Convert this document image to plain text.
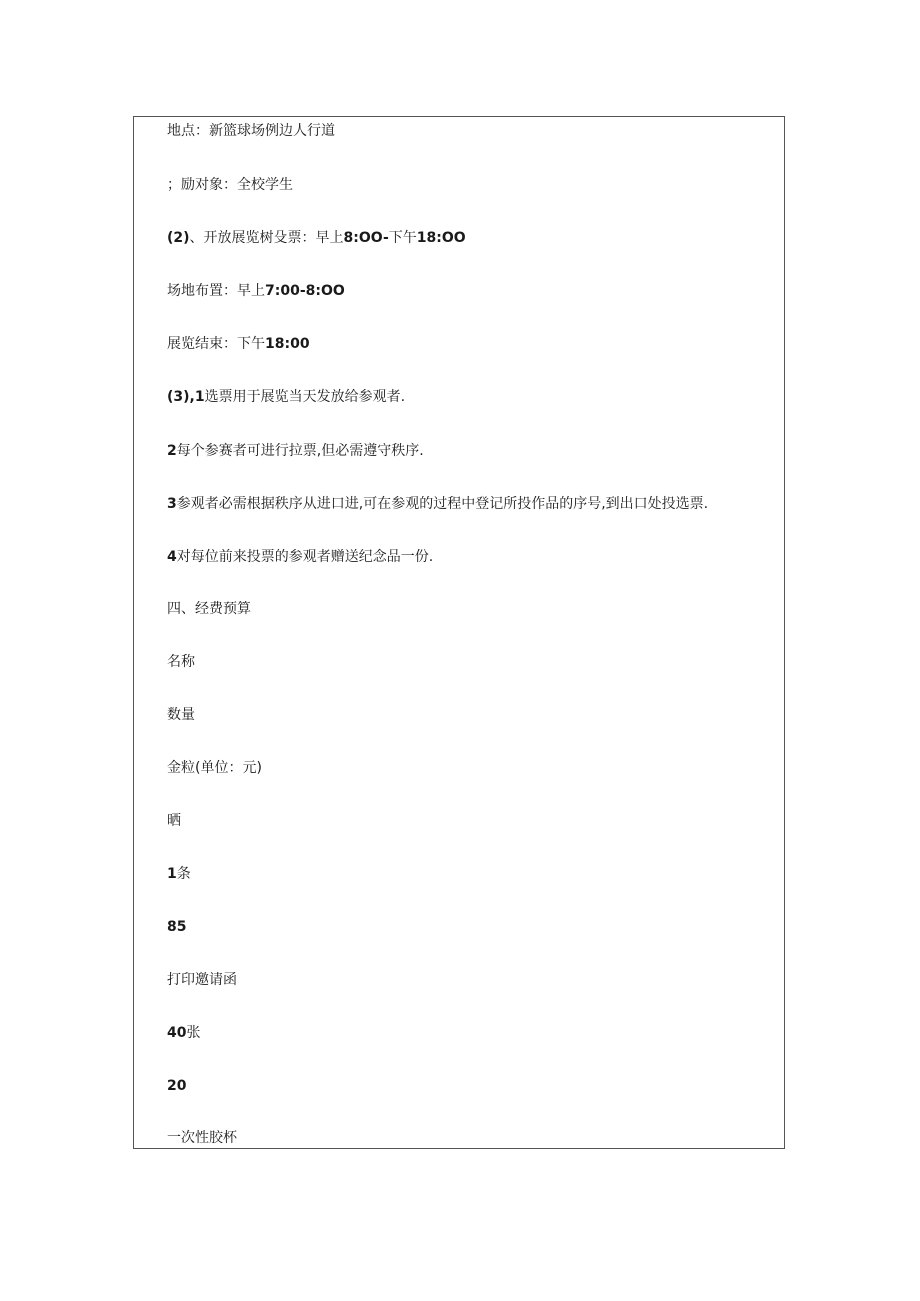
地点：新篮球场例边人行道
；励对象：全校学生
(2)、开放展览树殳票：早上8:OO-下午18:OO
场地布置：早上7:00-8:OO
展览结束：下午18:00
(3),1选票用于展览当天发放给参观者.
2每个参赛者可进行拉票,但必需遵守秩序.
3参观者必需根据秩序从进口进,可在参观的过程中登记所投作品的序号,到出口处投选票.
4对每位前来投票的参观者赠送纪念品一份.
四、经费预算
名称
数量
金粒(单位：元)
晒
1条
85
打印邀请函
40张
20
一次性胶杯
